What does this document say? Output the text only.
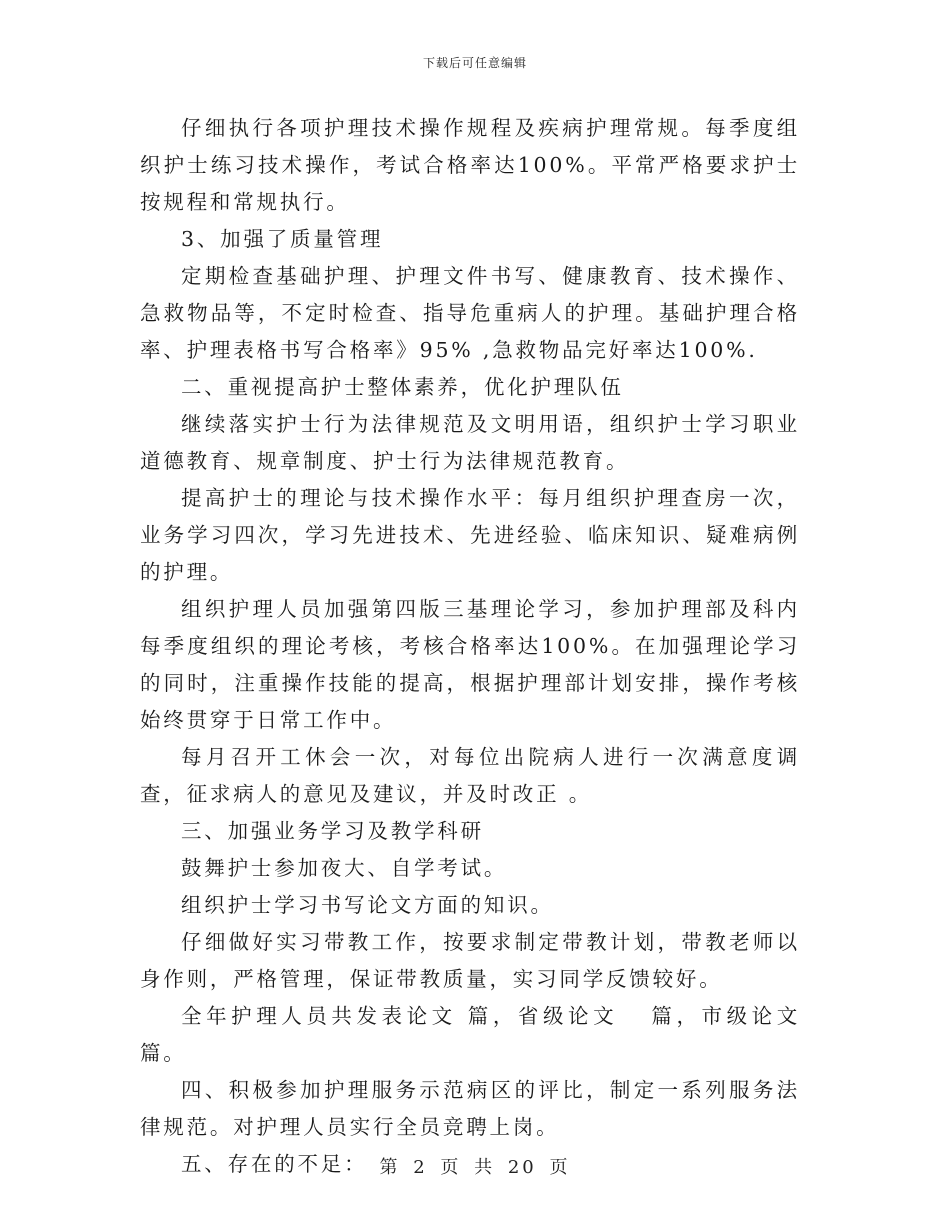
下载后可任意编辑

仔细执行各项护理技术操作规程及疾病护理常规。每季度组织护士练习技术操作，考试合格率达100%。平常严格要求护士按规程和常规执行。

3、加强了质量管理

定期检查基础护理、护理文件书写、健康教育、技术操作、急救物品等，不定时检查、指导危重病人的护理。基础护理合格率、护理表格书写合格率》95% ,急救物品完好率达100%.

二、重视提高护士整体素养，优化护理队伍

继续落实护士行为法律规范及文明用语，组织护士学习职业道德教育、规章制度、护士行为法律规范教育。

提高护士的理论与技术操作水平：每月组织护理查房一次，业务学习四次，学习先进技术、先进经验、临床知识、疑难病例的护理。

组织护理人员加强第四版三基理论学习，参加护理部及科内每季度组织的理论考核，考核合格率达100%。在加强理论学习的同时，注重操作技能的提高，根据护理部计划安排，操作考核始终贯穿于日常工作中。

每月召开工休会一次，对每位出院病人进行一次满意度调查，征求病人的意见及建议，并及时改正 。

三、加强业务学习及教学科研

鼓舞护士参加夜大、自学考试。

组织护士学习书写论文方面的知识。

仔细做好实习带教工作，按要求制定带教计划，带教老师以身作则，严格管理，保证带教质量，实习同学反馈较好。

全年护理人员共发表论文 篇，省级论文   篇，市级论文   篇。

四、积极参加护理服务示范病区的评比，制定一系列服务法律规范。对护理人员实行全员竞聘上岗。

五、存在的不足： 第 2 页 共 20 页
